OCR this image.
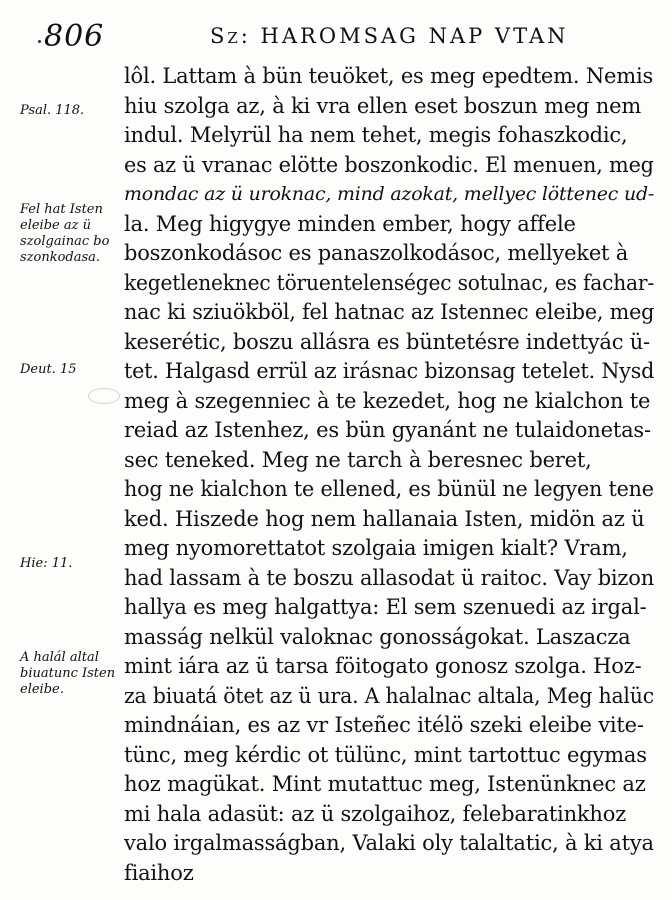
806	Sz: HAROMSAG NAP VTAN
Psal. 118.
Fel hat Isten
eleibe az ü
szolgainac bo
szonkodasa.
Deut. 15
Hie: 11.
A halál altal
biuatunc Isten
eleibe.
lôl. Lattam à bün teuöket, es meg epedtem. Nemis
hiu szolga az, à ki vra ellen eset boszun meg nem
indul. Melyrül ha nem tehet, megis fohaszkodic,
es az ü vranac elötte boszonkodic. El menuen, meg
mondac az ü uroknac, mind azokat, mellyec löttenec ud-
la. Meg higygye minden ember, hogy affele
boszonkodásoc es panaszolkodásoc, mellyeket à
kegetleneknec töruentelenségec sotulnac, es fachar-
nac ki sziuökböl, fel hatnac az Istennec eleibe, meg
keserétic, boszu allásra es büntetésre indettyác ü-
tet. Halgasd errül az irásnac bizonsag tetelet. Nysd
meg à szegenniec à te kezedet, hog ne kialchon te
reiad az Istenhez, es bün gyanánt ne tulaidonetas-
sec teneked. Meg ne tarch à beresnec beret,
hog ne kialchon te ellened, es bünül ne legyen tene
ked. Hiszede hog nem hallanaia Isten, midön az ü
meg nyomorettatot szolgaia imigen kialt? Vram,
had lassam à te boszu allasodat ü raitoc. Vay bizon
hallya es meg halgattya: El sem szenuedi az irgal-
masság nelkül valoknac gonosságokat. Laszacza
mint iára az ü tarsa föitogato gonosz szolga. Hoz-
za biuatá ötet az ü ura. A halalnac altala, Meg halüc
mindnáian, es az vr Isteñec itélö szeki eleibe vite-
tünc, meg kérdic ot tülünc, mint tartottuc egymas
hoz magükat. Mint mutattuc meg, Istenünknec az
mi hala adasüt: az ü szolgaihoz, felebaratinkhoz
valo irgalmasságban, Valaki oly talaltatic, à ki atya
fiaihoz
